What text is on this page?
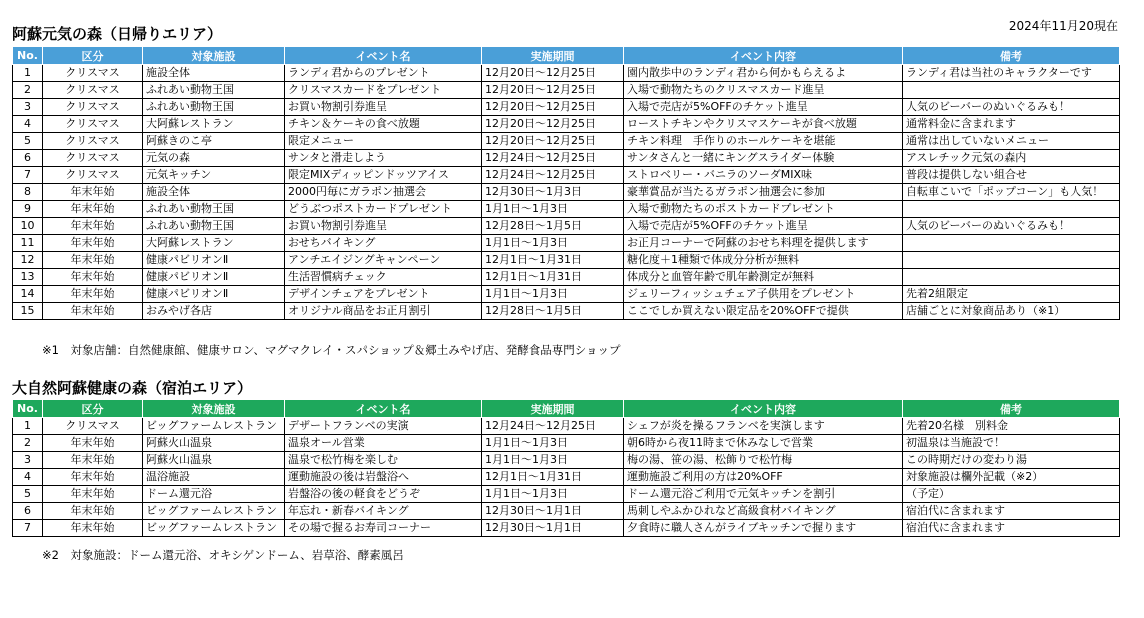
阿蘇元気の森（日帰りエリア）	2024年11月20現在
No.	区分	対象施設	イベント名	実施期間	イベント内容	備考
1	クリスマス	施設全体	ランディ君からのプレゼント	12月20日～12月25日	園内散歩中のランディ君から何かもらえるよ	ランディ君は当社のキャラクターです
2	クリスマス	ふれあい動物王国	クリスマスカードをプレゼント	12月20日～12月25日	入場で動物たちのクリスマスカード進呈	
3	クリスマス	ふれあい動物王国	お買い物割引券進呈	12月20日～12月25日	入場で売店が5%OFFのチケット進呈	人気のビーバーのぬいぐるみも！
4	クリスマス	大阿蘇レストラン	チキン＆ケーキの食べ放題	12月20日～12月25日	ローストチキンやクリスマスケーキが食べ放題	通常料金に含まれます
5	クリスマス	阿蘇きのこ亭	限定メニュー	12月20日～12月25日	チキン料理　手作りのホールケーキを堪能	通常は出していないメニュー
6	クリスマス	元気の森	サンタと滑走しよう	12月24日～12月25日	サンタさんと一緒にキングスライダー体験	アスレチック元気の森内
7	クリスマス	元気キッチン	限定MIXディッピンドッツアイス	12月24日～12月25日	ストロベリー・バニラのソーダMIX味	普段は提供しない組合せ
8	年末年始	施設全体	2000円毎にガラポン抽選会	12月30日～1月3日	豪華賞品が当たるガラポン抽選会に参加	自転車こいで「ポップコーン」も人気！
9	年末年始	ふれあい動物王国	どうぶつポストカードプレゼント	1月1日～1月3日	入場で動物たちのポストカードプレゼント	
10	年末年始	ふれあい動物王国	お買い物割引券進呈	12月28日～1月5日	入場で売店が5%OFFのチケット進呈	人気のビーバーのぬいぐるみも！
11	年末年始	大阿蘇レストラン	おせちバイキング	1月1日～1月3日	お正月コーナーで阿蘇のおせち料理を提供します	
12	年末年始	健康パビリオンⅡ	アンチエイジングキャンペーン	12月1日～1月31日	糖化度＋1種類で体成分分析が無料	
13	年末年始	健康パビリオンⅡ	生活習慣病チェック	12月1日～1月31日	体成分と血管年齢で肌年齢測定が無料	
14	年末年始	健康パビリオンⅡ	デザインチェアをプレゼント	1月1日～1月3日	ジェリーフィッシュチェア子供用をプレゼント	先着2組限定
15	年末年始	おみやげ各店	オリジナル商品をお正月割引	12月28日～1月5日	ここでしか買えない限定品を20%OFFで提供	店舗ごとに対象商品あり（※1）
※1　対象店舗：自然健康館、健康サロン、マグマクレイ・スパショップ＆郷土みやげ店、発酵食品専門ショップ
大自然阿蘇健康の森（宿泊エリア）
No.	区分	対象施設	イベント名	実施期間	イベント内容	備考
1	クリスマス	ビッグファームレストラン	デザートフランベの実演	12月24日～12月25日	シェフが炎を操るフランベを実演します	先着20名様　別料金
2	年末年始	阿蘇火山温泉	温泉オール営業	1月1日～1月3日	朝6時から夜11時まで休みなしで営業	初温泉は当施設で！
3	年末年始	阿蘇火山温泉	温泉で松竹梅を楽しむ	1月1日～1月3日	梅の湯、笹の湯、松飾りで松竹梅	この時期だけの変わり湯
4	年末年始	温浴施設	運動施設の後は岩盤浴へ	12月1日～1月31日	運動施設ご利用の方は20%OFF	対象施設は欄外記載（※2）
5	年末年始	ドーム還元浴	岩盤浴の後の軽食をどうぞ	1月1日～1月3日	ドーム還元浴ご利用で元気キッチンを割引	（予定）
6	年末年始	ビッグファームレストラン	年忘れ・新春バイキング	12月30日～1月1日	馬刺しやふかひれなど高級食材バイキング	宿泊代に含まれます
7	年末年始	ビッグファームレストラン	その場で握るお寿司コーナー	12月30日～1月1日	夕食時に職人さんがライブキッチンで握ります	宿泊代に含まれます
※2　対象施設：ドーム還元浴、オキシゲンドーム、岩草浴、酵素風呂
